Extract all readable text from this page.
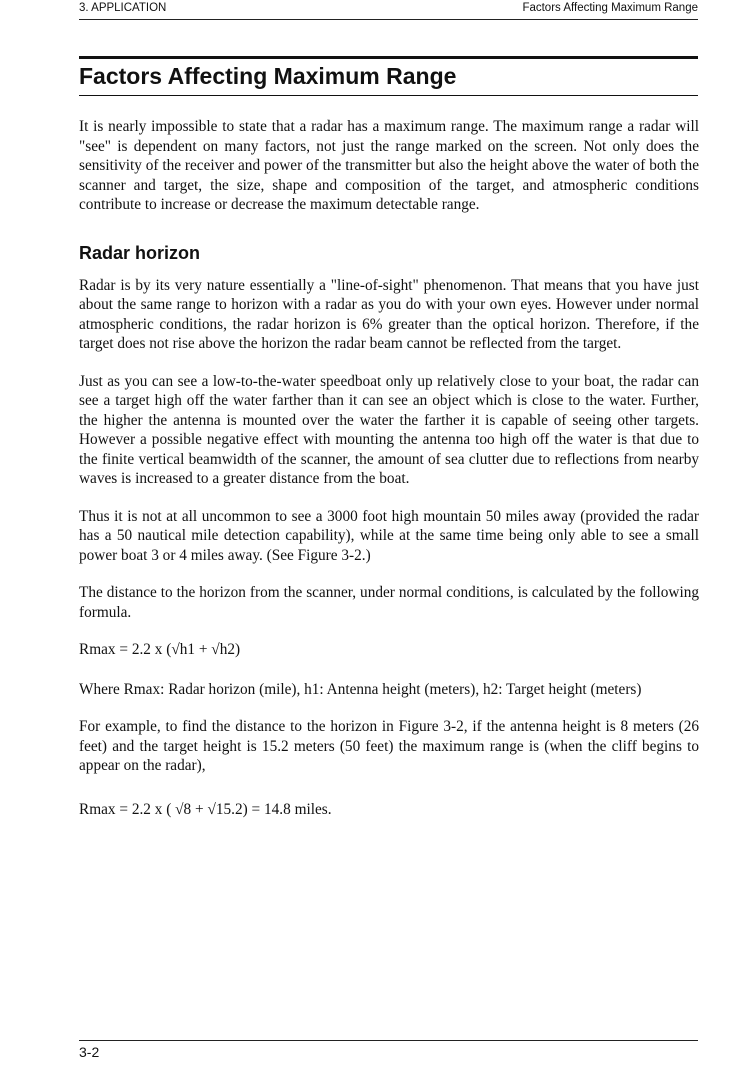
3. APPLICATION	Factors Affecting Maximum Range
Factors Affecting Maximum Range

It is nearly impossible to state that a radar has a maximum range. The maximum range a radar will "see" is dependent on many factors, not just the range marked on the screen. Not only does the sensitivity of the receiver and power of the transmitter but also the height above the water of both the scanner and target, the size, shape and composition of the target, and atmospheric conditions contribute to increase or decrease the maximum detectable range.

Radar horizon

Radar is by its very nature essentially a "line-of-sight" phenomenon. That means that you have just about the same range to horizon with a radar as you do with your own eyes. However under normal atmospheric conditions, the radar horizon is 6% greater than the optical horizon. Therefore, if the target does not rise above the horizon the radar beam cannot be reflected from the target.

Just as you can see a low-to-the-water speedboat only up relatively close to your boat, the radar can see a target high off the water farther than it can see an object which is close to the water. Further, the higher the antenna is mounted over the water the farther it is capable of seeing other targets. However a possible negative effect with mounting the antenna too high off the water is that due to the finite vertical beamwidth of the scanner, the amount of sea clutter due to reflections from nearby waves is increased to a greater distance from the boat.

Thus it is not at all uncommon to see a 3000 foot high mountain 50 miles away (provided the radar has a 50 nautical mile detection capability), while at the same time being only able to see a small power boat 3 or 4 miles away. (See Figure 3-2.)

The distance to the horizon from the scanner, under normal conditions, is calculated by the following formula.

Rmax = 2.2 x (√h1 + √h2)

Where Rmax: Radar horizon (mile), h1: Antenna height (meters), h2: Target height (meters)

For example, to find the distance to the horizon in Figure 3-2, if the antenna height is 8 meters (26 feet) and the target height is 15.2 meters (50 feet) the maximum range is (when the cliff begins to appear on the radar),

Rmax = 2.2 x ( √8 + √15.2) = 14.8 miles.

3-2
